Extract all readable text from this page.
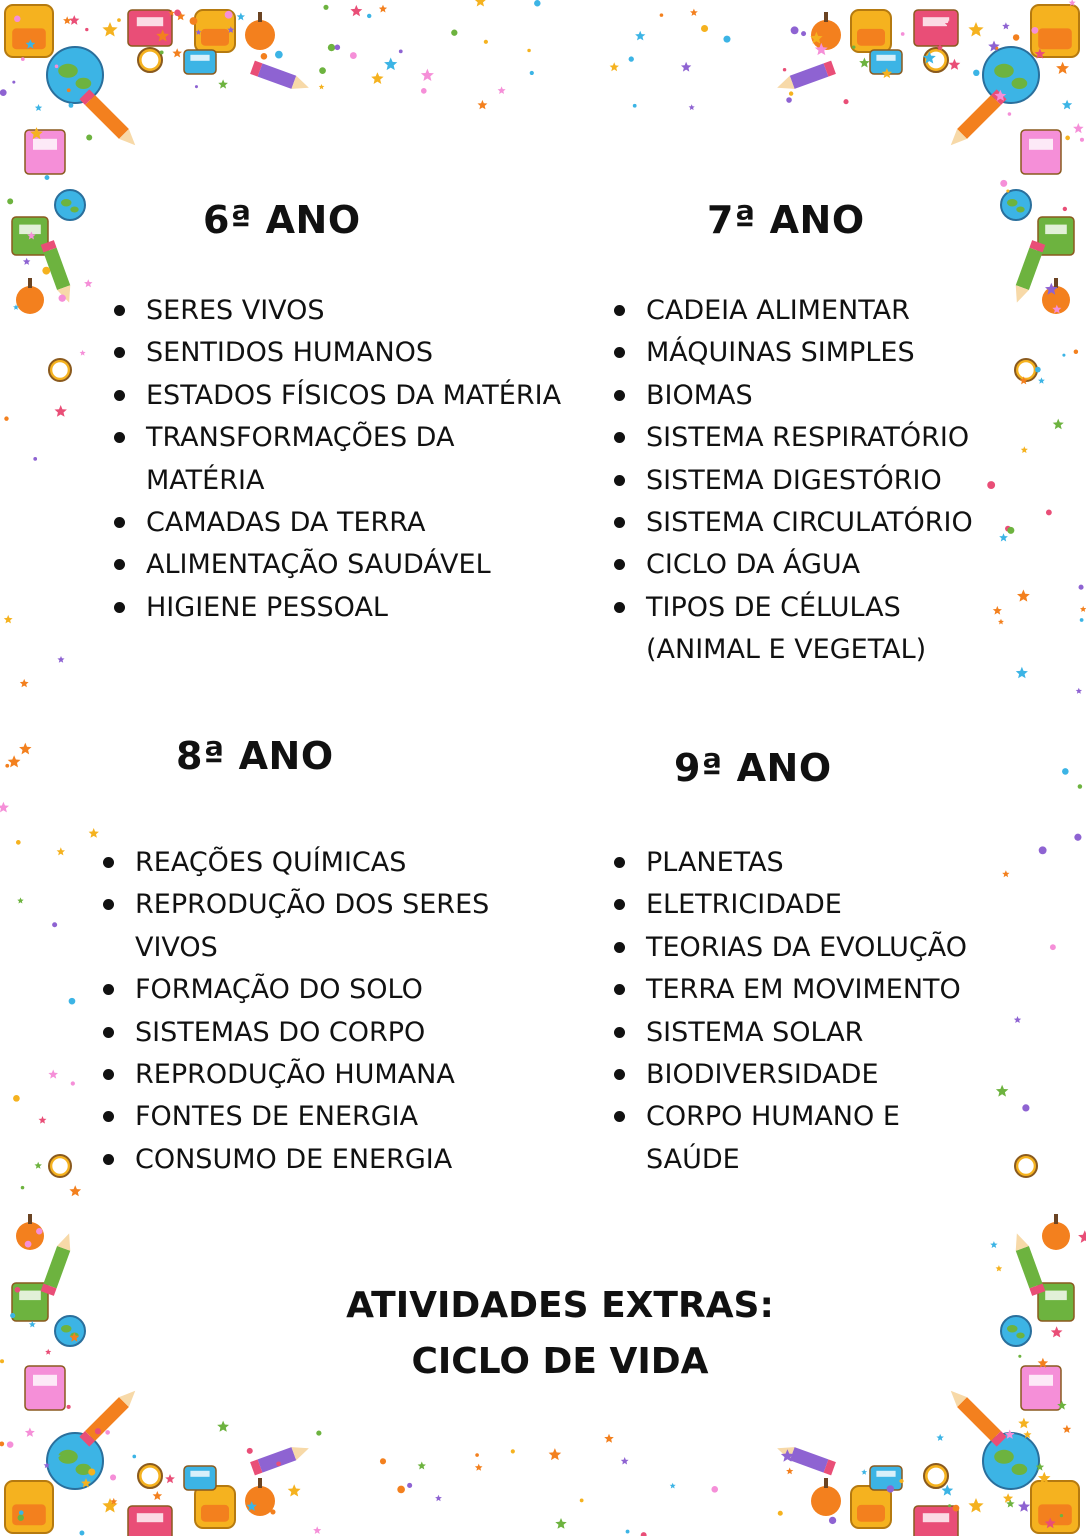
6ª ANO	7ª ANO
8ª ANO	9ª ANO
SERES VIVOS
SENTIDOS HUMANOS
ESTADOS FÍSICOS DA MATÉRIA
TRANSFORMAÇÕES DA
MATÉRIA
CAMADAS DA TERRA
ALIMENTAÇÃO SAUDÁVEL
HIGIENE PESSOAL
CADEIA ALIMENTAR
MÁQUINAS SIMPLES
BIOMAS
SISTEMA RESPIRATÓRIO
SISTEMA DIGESTÓRIO
SISTEMA CIRCULATÓRIO
CICLO DA ÁGUA
TIPOS DE CÉLULAS
(ANIMAL E VEGETAL)
REAÇÕES QUÍMICAS
REPRODUÇÃO DOS SERES
VIVOS
FORMAÇÃO DO SOLO
SISTEMAS DO CORPO
REPRODUÇÃO HUMANA
FONTES DE ENERGIA
CONSUMO DE ENERGIA
PLANETAS
ELETRICIDADE
TEORIAS DA EVOLUÇÃO
TERRA EM MOVIMENTO
SISTEMA SOLAR
BIODIVERSIDADE
CORPO HUMANO E
SAÚDE
ATIVIDADES EXTRAS:
CICLO DE VIDA
